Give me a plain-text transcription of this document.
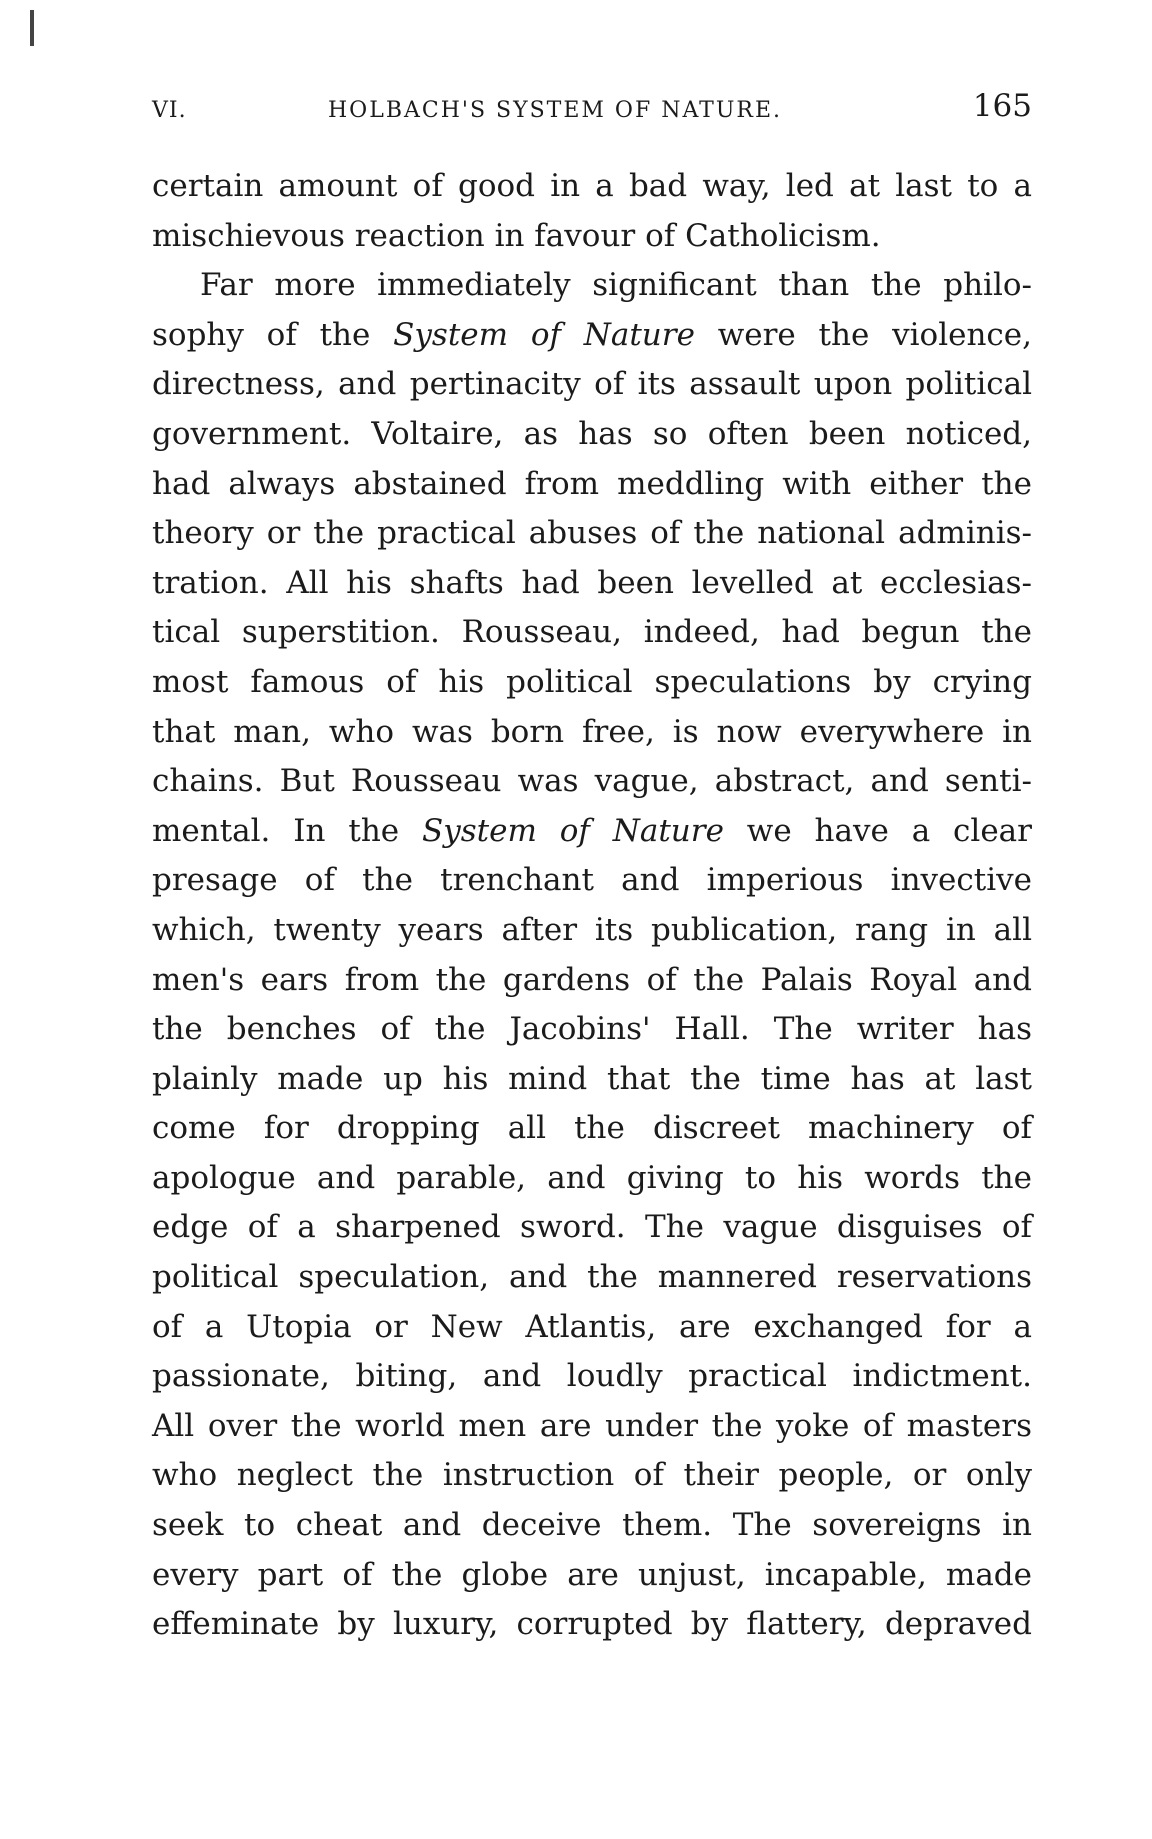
VI.	HOLBACH'S SYSTEM OF NATURE.	165
certain amount of good in a bad way, led at last to a
mischievous reaction in favour of Catholicism.
Far more immediately significant than the philo-
sophy of the System of Nature were the violence,
directness, and pertinacity of its assault upon political
government. Voltaire, as has so often been noticed,
had always abstained from meddling with either the
theory or the practical abuses of the national adminis-
tration. All his shafts had been levelled at ecclesias-
tical superstition. Rousseau, indeed, had begun the
most famous of his political speculations by crying
that man, who was born free, is now everywhere in
chains. But Rousseau was vague, abstract, and senti-
mental. In the System of Nature we have a clear
presage of the trenchant and imperious invective
which, twenty years after its publication, rang in all
men's ears from the gardens of the Palais Royal and
the benches of the Jacobins' Hall. The writer has
plainly made up his mind that the time has at last
come for dropping all the discreet machinery of
apologue and parable, and giving to his words the
edge of a sharpened sword. The vague disguises of
political speculation, and the mannered reservations
of a Utopia or New Atlantis, are exchanged for a
passionate, biting, and loudly practical indictment.
All over the world men are under the yoke of masters
who neglect the instruction of their people, or only
seek to cheat and deceive them. The sovereigns in
every part of the globe are unjust, incapable, made
effeminate by luxury, corrupted by flattery, depraved
